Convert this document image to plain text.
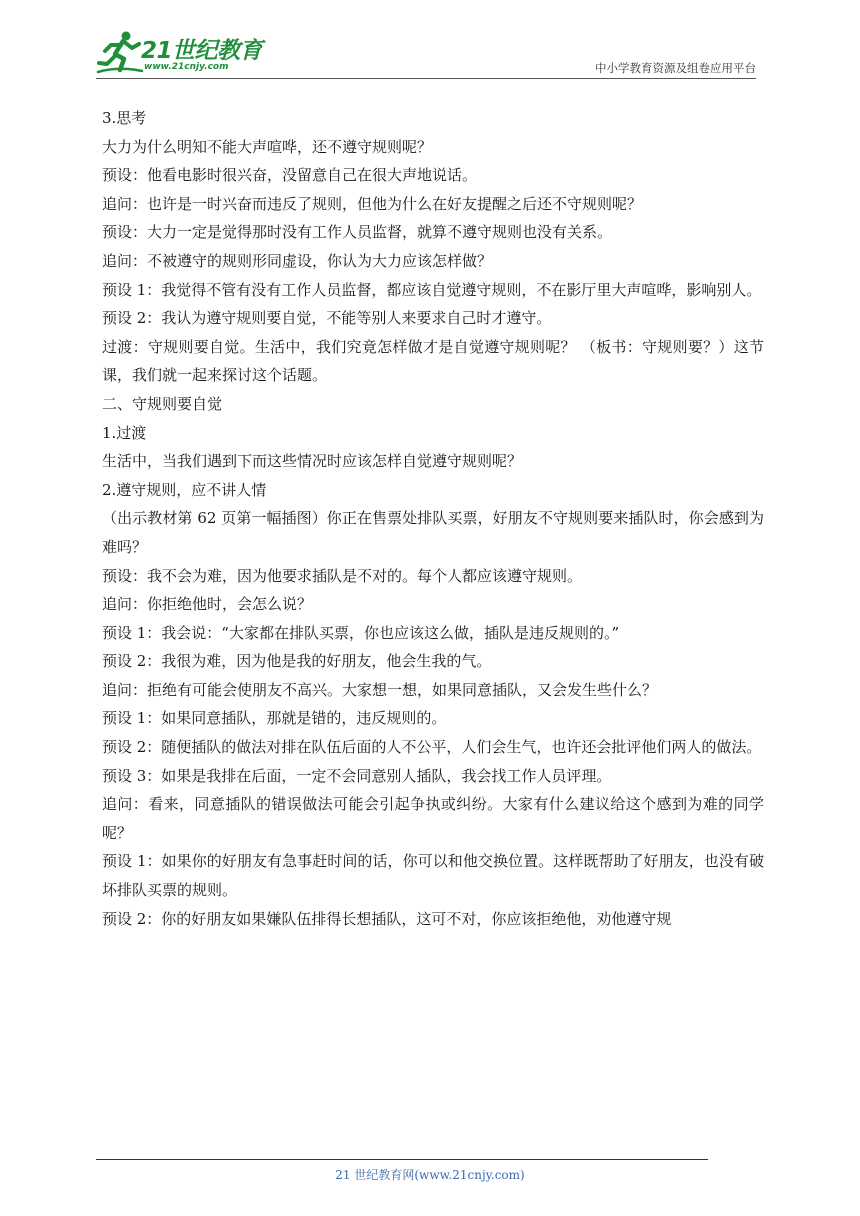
21世纪教育
www.21cnjy.com	中小学教育资源及组卷应用平台

3.思考

大力为什么明知不能大声喧哗，还不遵守规则呢？

预设：他看电影时很兴奋，没留意自己在很大声地说话。

追问：也许是一时兴奋而违反了规则，但他为什么在好友提醒之后还不守规则呢？

预设：大力一定是觉得那时没有工作人员监督，就算不遵守规则也没有关系。

追问：不被遵守的规则形同虚设，你认为大力应该怎样做？

预设 1：我觉得不管有没有工作人员监督，都应该自觉遵守规则，不在影厅里大声喧哗，影响别人。

预设 2：我认为遵守规则要自觉，不能等别人来要求自己时才遵守。

过渡：守规则要自觉。生活中，我们究竟怎样做才是自觉遵守规则呢？ （板书：守规则要？）这节课，我们就一起来探讨这个话题。

二、守规则要自觉

1.过渡

生活中，当我们遇到下而这些情况时应该怎样自觉遵守规则呢？

2.遵守规则，应不讲人情

（出示教材第 62 页第一幅插图）你正在售票处排队买票，好朋友不守规则要来插队时，你会感到为难吗？

预设：我不会为难，因为他要求插队是不对的。每个人都应该遵守规则。

追问：你拒绝他时，会怎么说？

预设 1：我会说：“大家都在排队买票，你也应该这么做，插队是违反规则的。”

预设 2：我很为难，因为他是我的好朋友，他会生我的气。

追问：拒绝有可能会使朋友不高兴。大家想一想，如果同意插队，又会发生些什么？

预设 1：如果同意插队，那就是错的，违反规则的。

预设 2：随便插队的做法对排在队伍后面的人不公平，人们会生气，也许还会批评他们两人的做法。

预设 3：如果是我排在后面，一定不会同意别人插队，我会找工作人员评理。

追问：看来，同意插队的错误做法可能会引起争执或纠纷。大家有什么建议给这个感到为难的同学呢？

预设 1：如果你的好朋友有急事赶时间的话，你可以和他交换位置。这样既帮助了好朋友，也没有破坏排队买票的规则。

预设 2：你的好朋友如果嫌队伍排得长想插队，这可不对，你应该拒绝他，劝他遵守规

21 世纪教育网(www.21cnjy.com)
